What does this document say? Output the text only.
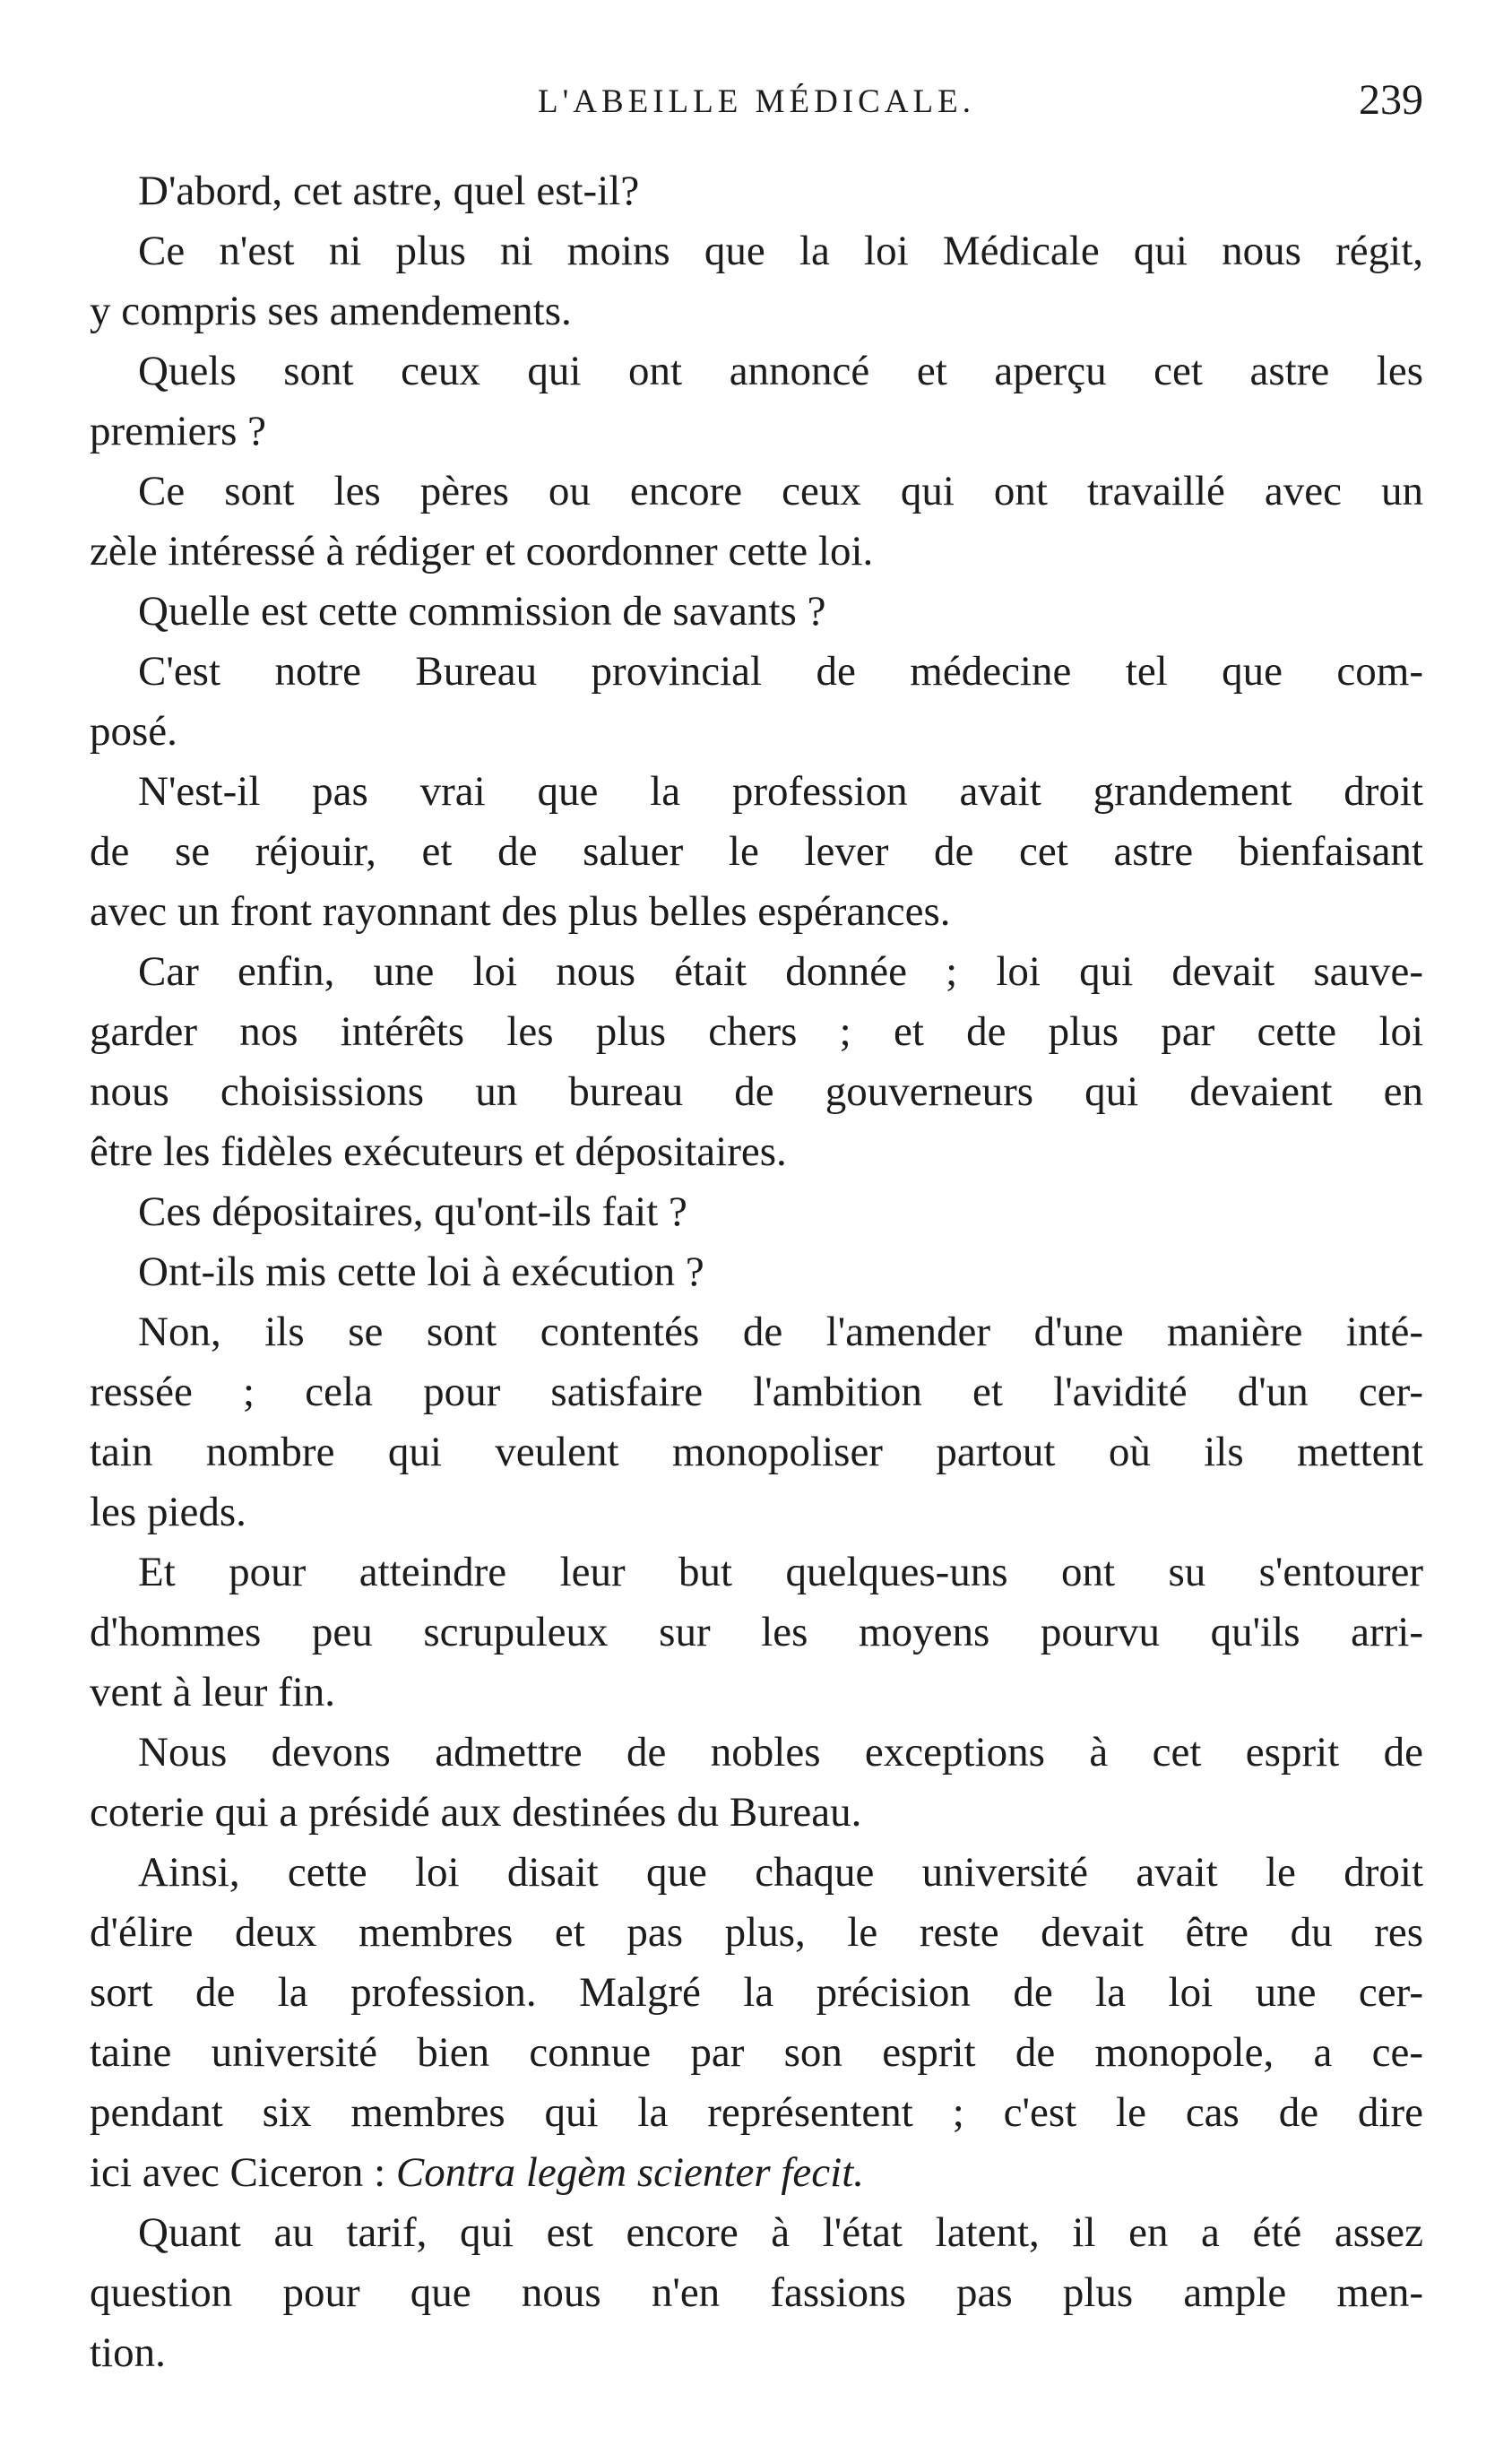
L'ABEILLE MÉDICALE.	239
D'abord, cet astre, quel est-il?
Ce n'est ni plus ni moins que la loi Médicale qui nous régit,
y compris ses amendements.
Quels sont ceux qui ont annoncé et aperçu cet astre les
premiers ?
Ce sont les pères ou encore ceux qui ont travaillé avec un
zèle intéressé à rédiger et coordonner cette loi.
Quelle est cette commission de savants ?
C'est notre Bureau provincial de médecine tel que com-
posé.
N'est-il pas vrai que la profession avait grandement droit
de se réjouir, et de saluer le lever de cet astre bienfaisant
avec un front rayonnant des plus belles espérances.
Car enfin, une loi nous était donnée ; loi qui devait sauve-
garder nos intérêts les plus chers ; et de plus par cette loi
nous choisissions un bureau de gouverneurs qui devaient en
être les fidèles exécuteurs et dépositaires.
Ces dépositaires, qu'ont-ils fait ?
Ont-ils mis cette loi à exécution ?
Non, ils se sont contentés de l'amender d'une manière inté-
ressée ; cela pour satisfaire l'ambition et l'avidité d'un cer-
tain nombre qui veulent monopoliser partout où ils mettent
les pieds.
Et pour atteindre leur but quelques-uns ont su s'entourer
d'hommes peu scrupuleux sur les moyens pourvu qu'ils arri-
vent à leur fin.
Nous devons admettre de nobles exceptions à cet esprit de
coterie qui a présidé aux destinées du Bureau.
Ainsi, cette loi disait que chaque université avait le droit
d'élire deux membres et pas plus, le reste devait être du res
sort de la profession. Malgré la précision de la loi une cer-
taine université bien connue par son esprit de monopole, a ce-
pendant six membres qui la représentent ; c'est le cas de dire
ici avec Ciceron : Contra legèm scienter fecit.
Quant au tarif, qui est encore à l'état latent, il en a été assez
question pour que nous n'en fassions pas plus ample men-
tion.
